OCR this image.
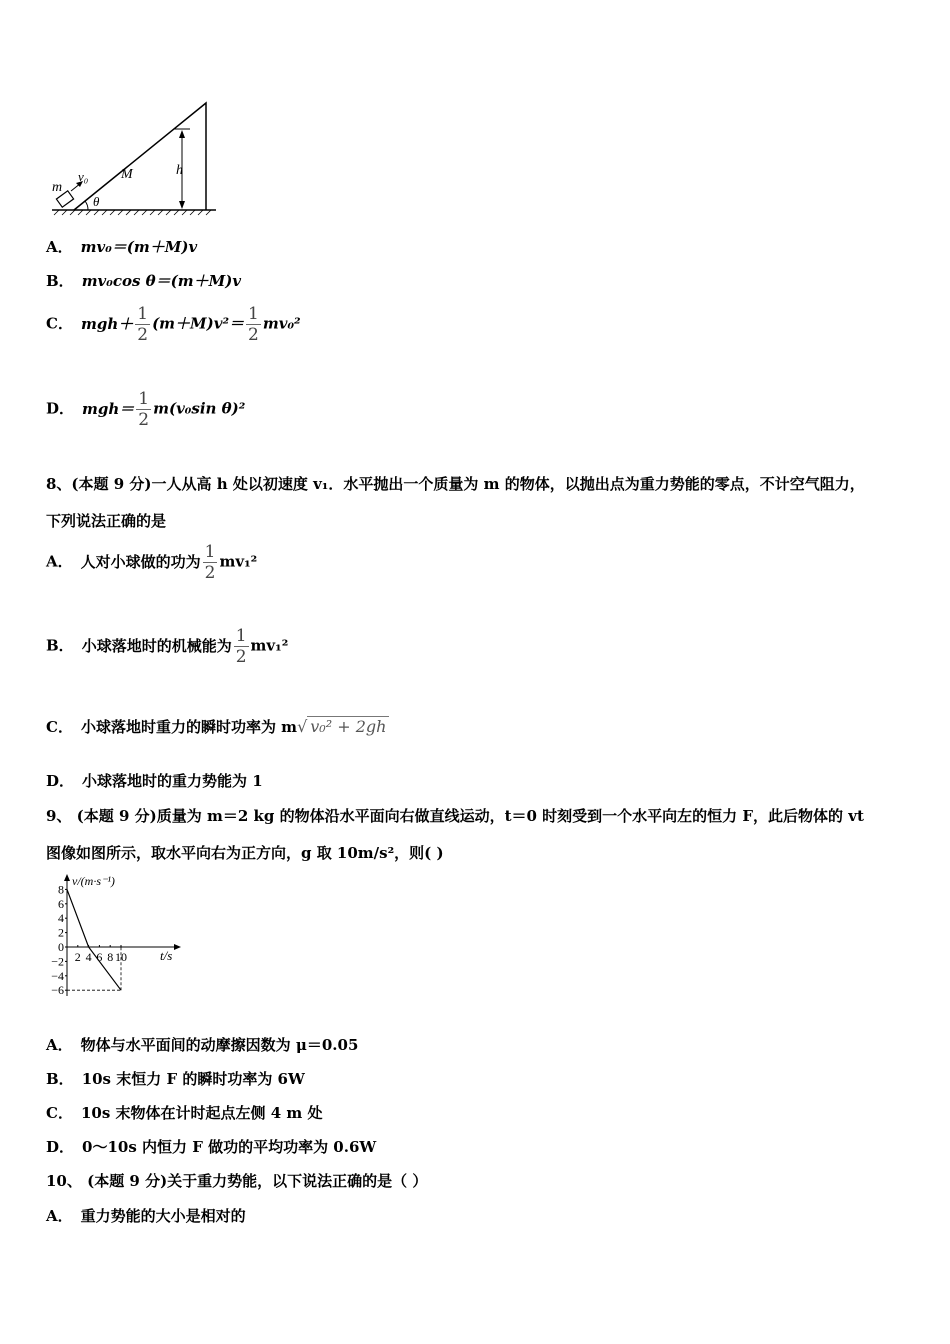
h
M
m
v₀
θ
A． mv₀＝(m＋M)v
B． mv₀cos θ＝(m＋M)v
C． $mgh+ \frac{1}{2} (m+M)v^2= \frac{1}{2} mv_0^2$
D． $mgh= \frac{1}{2} m(v_0\sin$ θ)²
8、(本题 9 分)一人从高 h 处以初速度 v₁．水平抛出一个质量为 m 的物体，以抛出点为重力势能的零点，不计空气阻力，
下列说法正确的是
A． 人对小球做的功为 $\frac{1}{2} mv_1^2$
B． 小球落地时的机械能为 $\frac{1}{2} mv_1^2$
C． 小球落地时重力的瞬时功率为 m√ v₀² + 2gh
D． 小球落地时的重力势能为 1
9、 (本题 9 分)质量为 m＝2 kg 的物体沿水平面向右做直线运动，t＝0 时刻受到一个水平向左的恒力 F，此后物体的 vt
图像如图所示，取水平向右为正方向，g 取 10m/s²，则( )
v/(m·s⁻¹)
t/s
8
6
4
2
0
−2
−4
−6
2 4 6 8 10
A． 物体与水平面间的动摩擦因数为 μ＝0.05
B． 10s 末恒力 F 的瞬时功率为 6W
C． 10s 末物体在计时起点左侧 4 m 处
D． 0～10s 内恒力 F 做功的平均功率为 0.6W
10、 (本题 9 分)关于重力势能，以下说法正确的是（ ）
A． 重力势能的大小是相对的
